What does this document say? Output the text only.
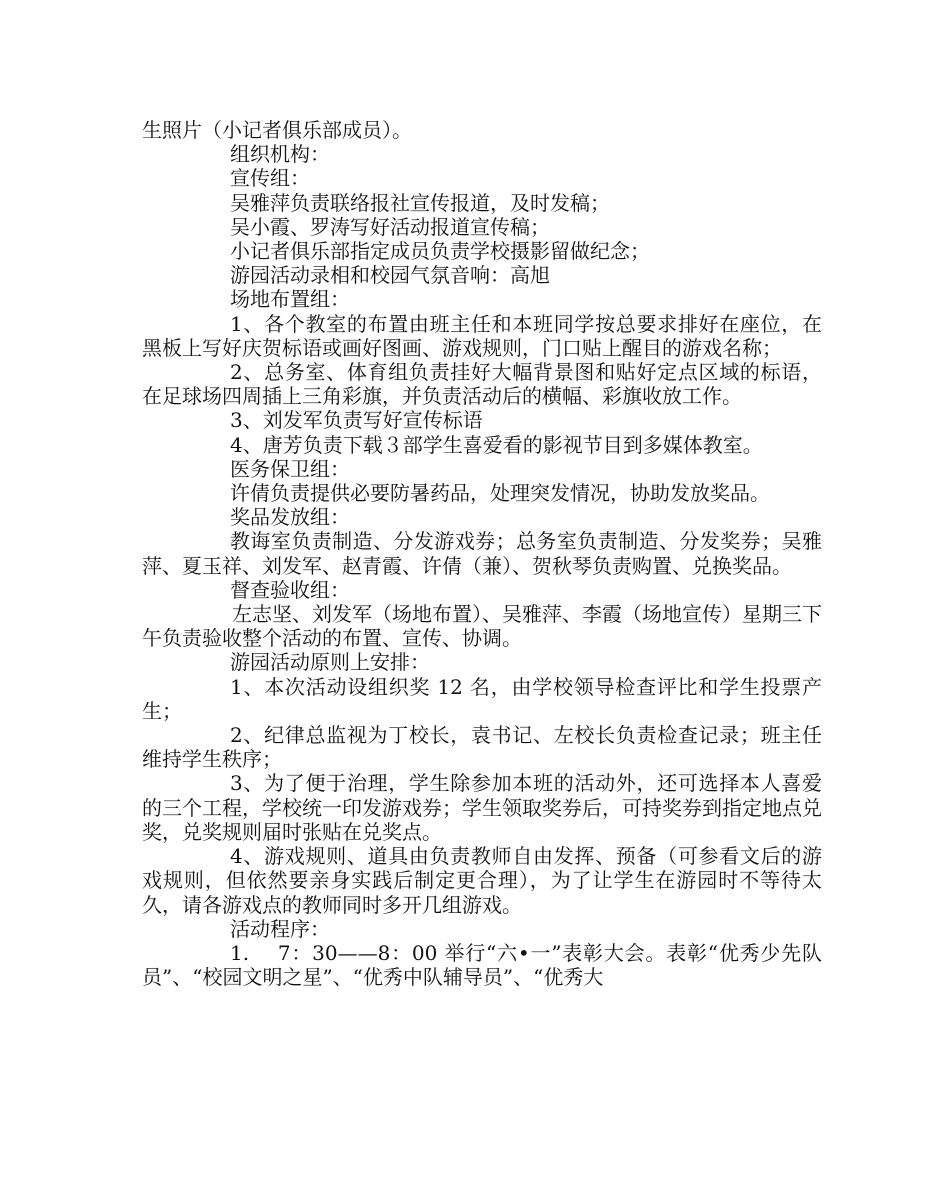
生照片（小记者俱乐部成员）。

组织机构：

宣传组：

吴雅萍负责联络报社宣传报道，及时发稿；

吴小霞、罗涛写好活动报道宣传稿；

小记者俱乐部指定成员负责学校摄影留做纪念；

游园活动录相和校园气氛音响：高旭

场地布置组：

1、各个教室的布置由班主任和本班同学按总要求排好在座位，在黑板上写好庆贺标语或画好图画、游戏规则，门口贴上醒目的游戏名称；

2、总务室、体育组负责挂好大幅背景图和贴好定点区域的标语，在足球场四周插上三角彩旗，并负责活动后的横幅、彩旗收放工作。

3、刘发军负责写好宣传标语

4、唐芳负责下载３部学生喜爱看的影视节目到多媒体教室。

医务保卫组：

许倩负责提供必要防暑药品，处理突发情况，协助发放奖品。

奖品发放组：

教诲室负责制造、分发游戏券；总务室负责制造、分发奖券；吴雅萍、夏玉祥、刘发军、赵青霞、许倩（兼）、贺秋琴负责购置、兑换奖品。

督查验收组：

左志坚、刘发军（场地布置）、吴雅萍、李霞（场地宣传）星期三下午负责验收整个活动的布置、宣传、协调。

游园活动原则上安排：

1、本次活动设组织奖 12 名，由学校领导检查评比和学生投票产生；

2、纪律总监视为丁校长，袁书记、左校长负责检查记录；班主任维持学生秩序；

3、为了便于治理，学生除参加本班的活动外，还可选择本人喜爱的三个工程，学校统一印发游戏券；学生领取奖券后，可持奖券到指定地点兑奖，兑奖规则届时张贴在兑奖点。

4、游戏规则、道具由负责教师自由发挥、预备（可参看文后的游戏规则，但依然要亲身实践后制定更合理），为了让学生在游园时不等待太久，请各游戏点的教师同时多开几组游戏。

活动程序：

1.　 7：30——8：00 举行“六•一”表彰大会。表彰“优秀少先队员”、“校园文明之星”、“优秀中队辅导员”、“优秀大
